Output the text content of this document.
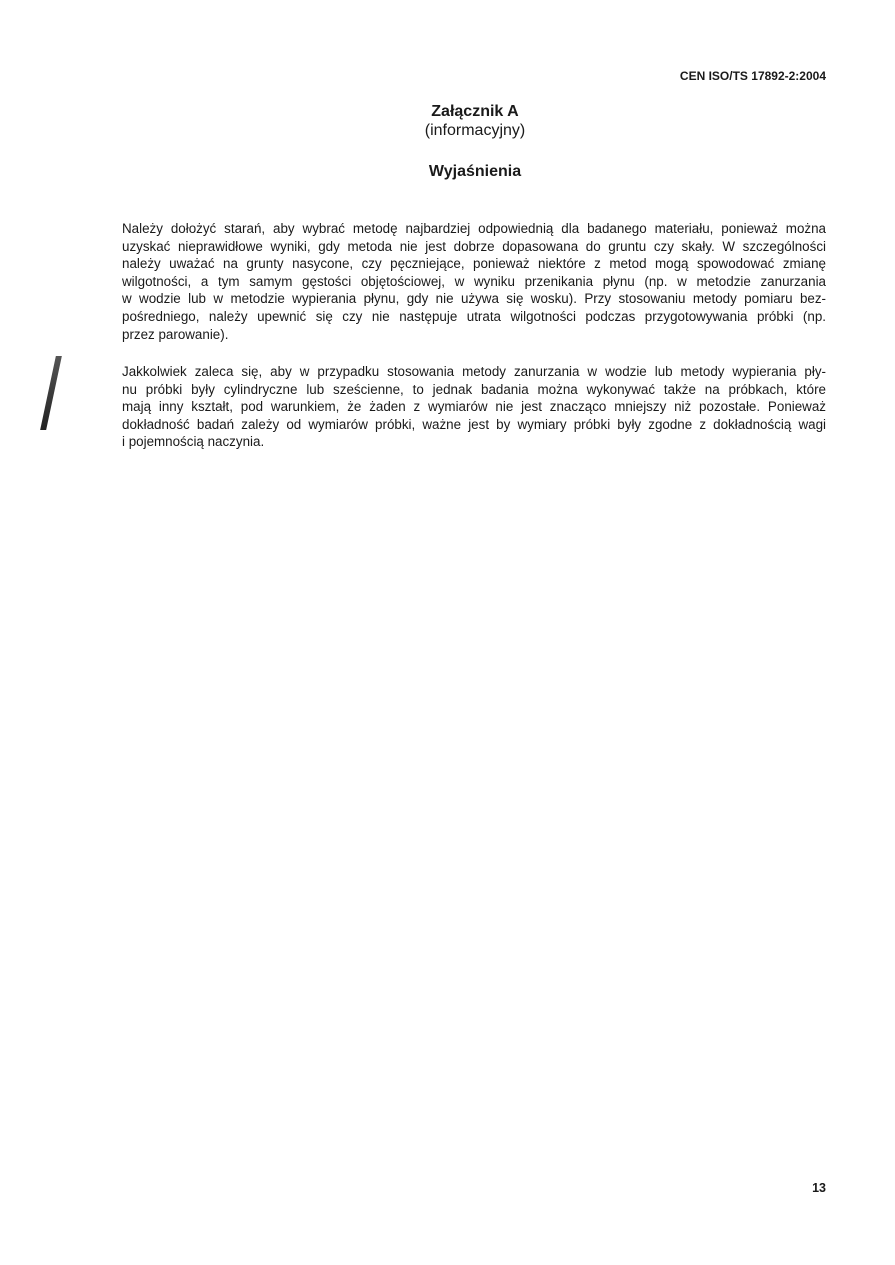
CEN ISO/TS 17892-2:2004
Załącznik A
(informacyjny)
Wyjaśnienia
Należy dołożyć starań, aby wybrać metodę najbardziej odpowiednią dla badanego materiału, ponieważ można
uzyskać nieprawidłowe wyniki, gdy metoda nie jest dobrze dopasowana do gruntu czy skały. W szczególności
należy uważać na grunty nasycone, czy pęczniejące, ponieważ niektóre z metod mogą spowodować zmianę
wilgotności, a tym samym gęstości objętościowej, w wyniku przenikania płynu (np. w metodzie zanurzania
w wodzie lub w metodzie wypierania płynu, gdy nie używa się wosku). Przy stosowaniu metody pomiaru bez-
pośredniego, należy upewnić się czy nie następuje utrata wilgotności podczas przygotowywania próbki (np.
przez parowanie).
Jakkolwiek zaleca się, aby w przypadku stosowania metody zanurzania w wodzie lub metody wypierania pły-
nu próbki były cylindryczne lub sześcienne, to jednak badania można wykonywać także na próbkach, które
mają inny kształt, pod warunkiem, że żaden z wymiarów nie jest znacząco mniejszy niż pozostałe. Ponieważ
dokładność badań zależy od wymiarów próbki, ważne jest by wymiary próbki były zgodne z dokładnością wagi
i pojemnością naczynia.
13
